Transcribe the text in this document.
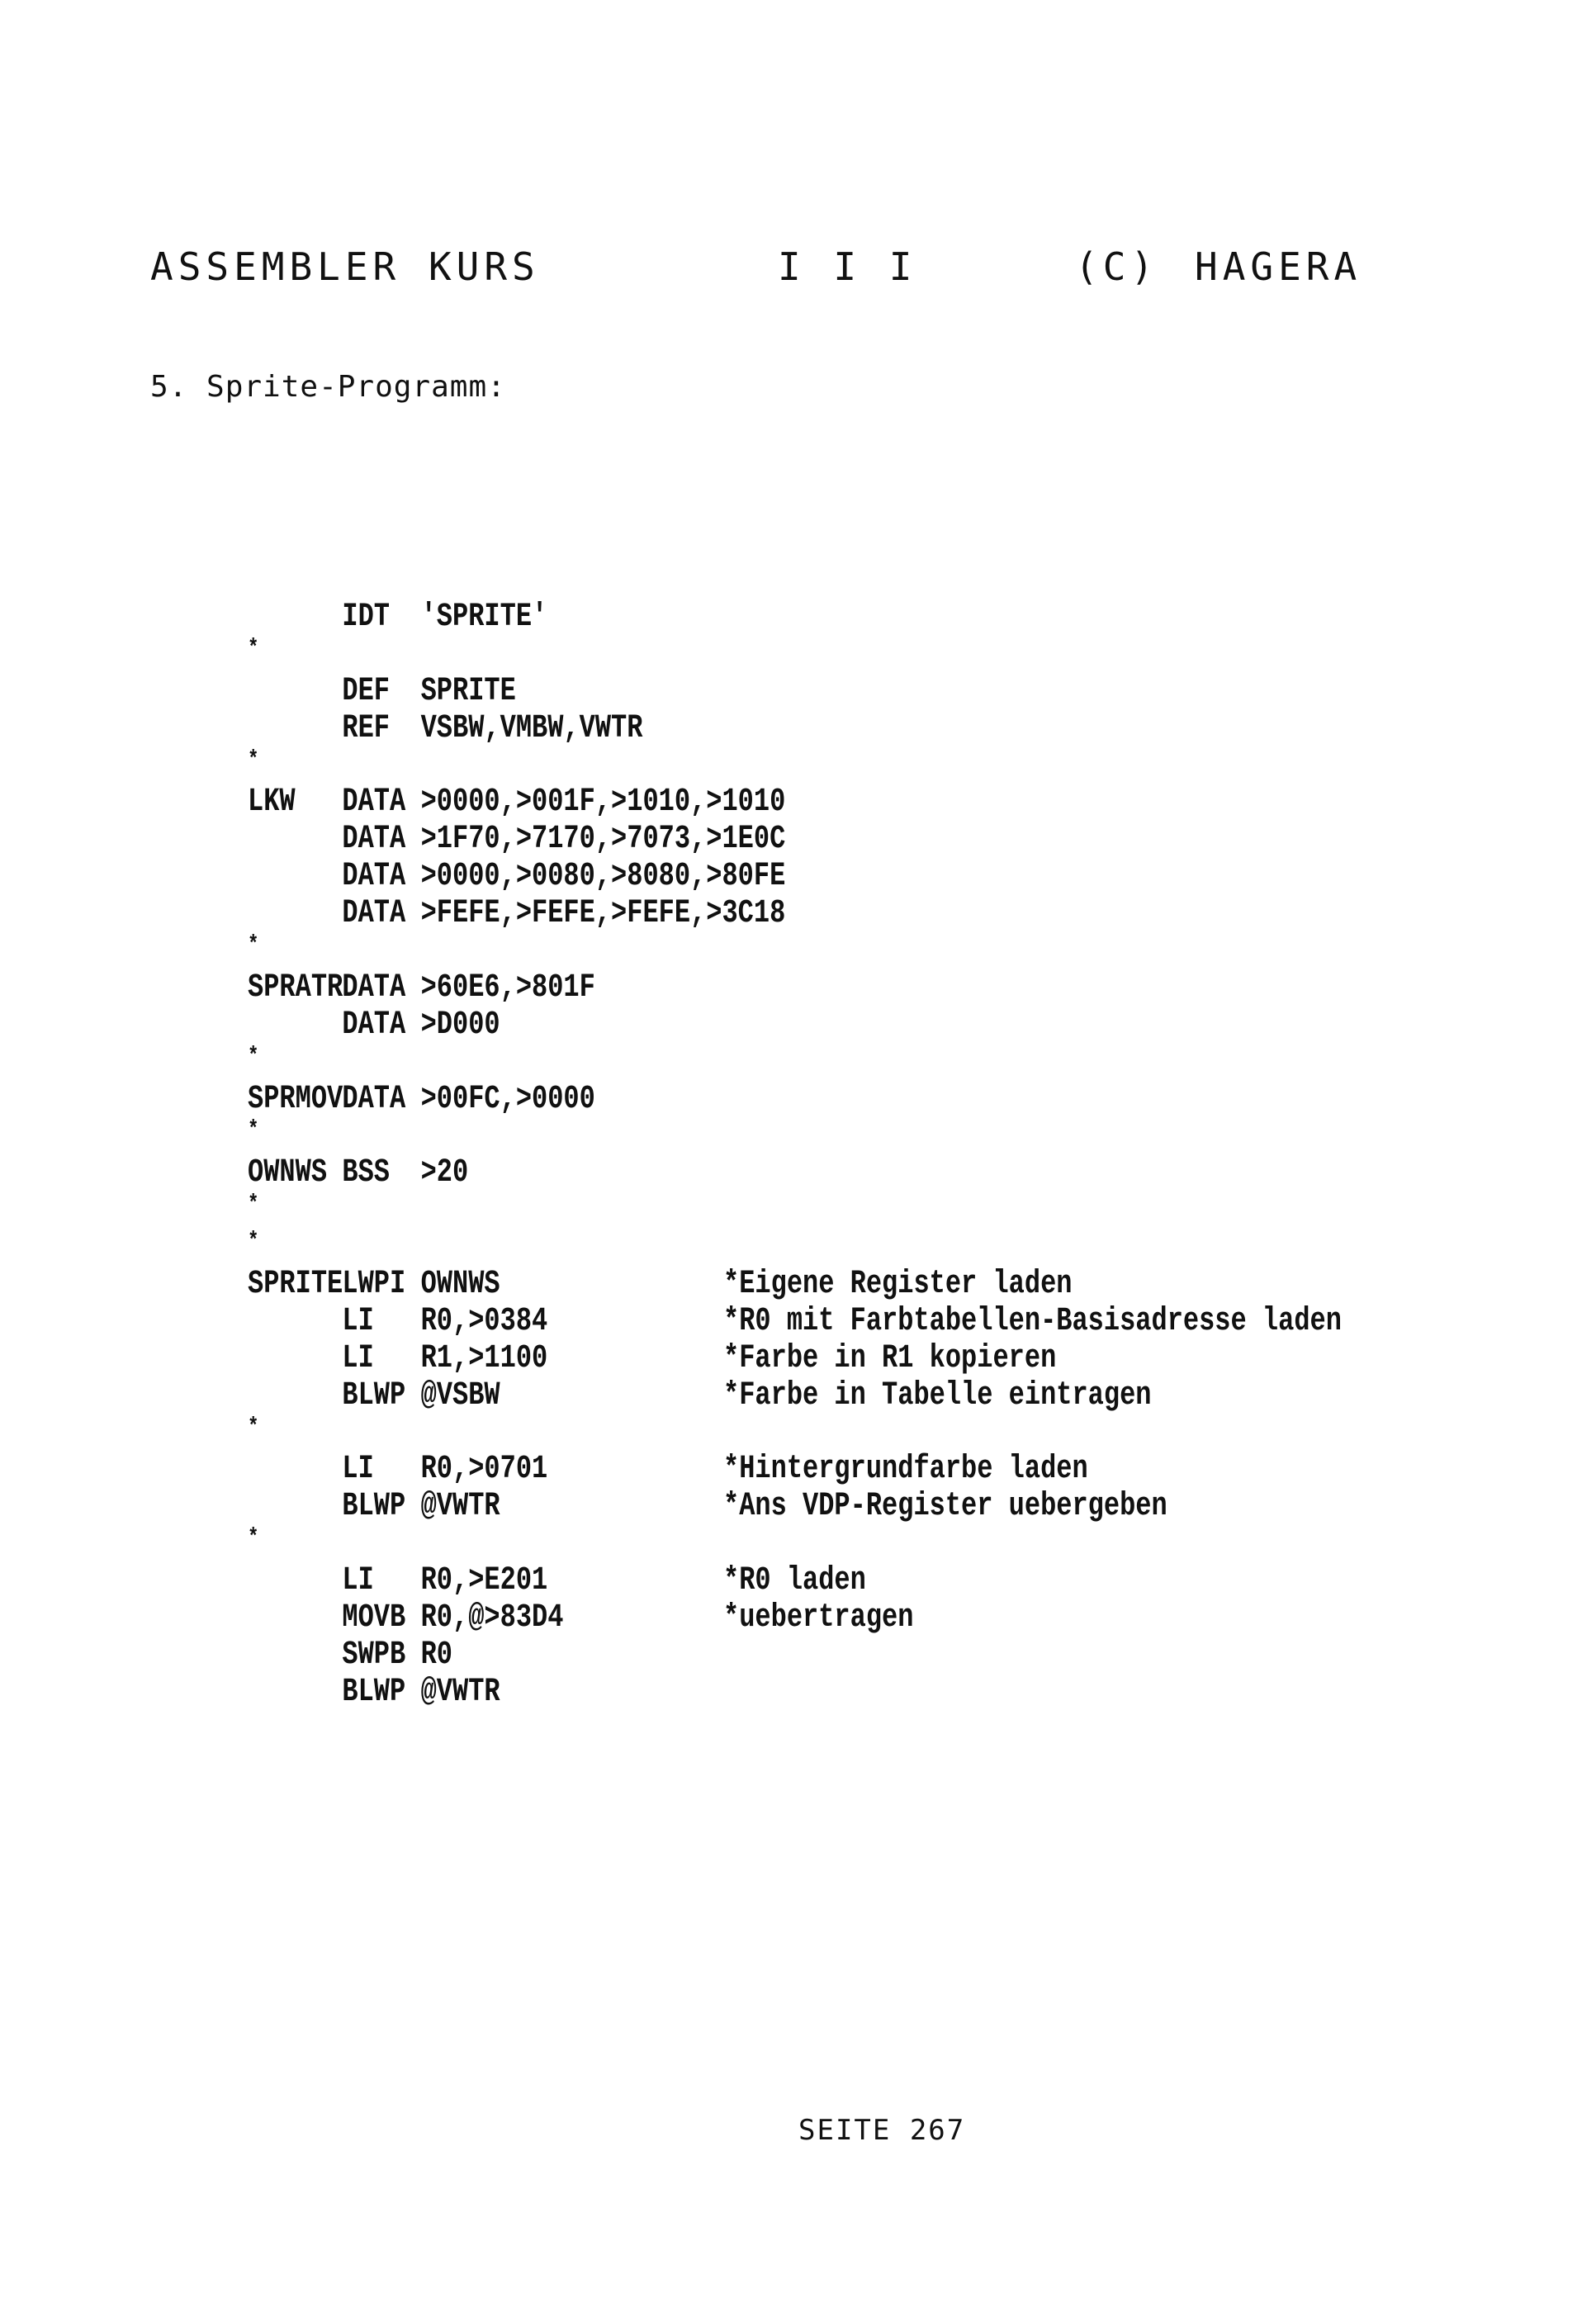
ASSEMBLER KURS	I I I	(C) HAGERA
5. Sprite-Programm:
IDT 'SPRITE'
*
DEF SPRITE
REF VSBW,VMBW,VWTR
*
LKW DATA >0000,>001F,>1010,>1010
DATA >1F70,>7170,>7073,>1E0C
DATA >0000,>0080,>8080,>80FE
DATA >FEFE,>FEFE,>FEFE,>3C18
*
SPRATR DATA >60E6,>801F
DATA >D000
*
SPRMOV DATA >00FC,>0000
*
OWNWS BSS >20
*
*
SPRITE LWPI OWNWS	*Eigene Register laden
LI R0,>0384	*R0 mit Farbtabellen-Basisadresse laden
LI R1,>1100	*Farbe in R1 kopieren
BLWP @VSBW	*Farbe in Tabelle eintragen
*
LI R0,>0701	*Hintergrundfarbe laden
BLWP @VWTR	*Ans VDP-Register uebergeben
*
LI R0,>E201	*R0 laden
MOVB R0,@>83D4	*uebertragen
SWPB R0
BLWP @VWTR
SEITE 267
